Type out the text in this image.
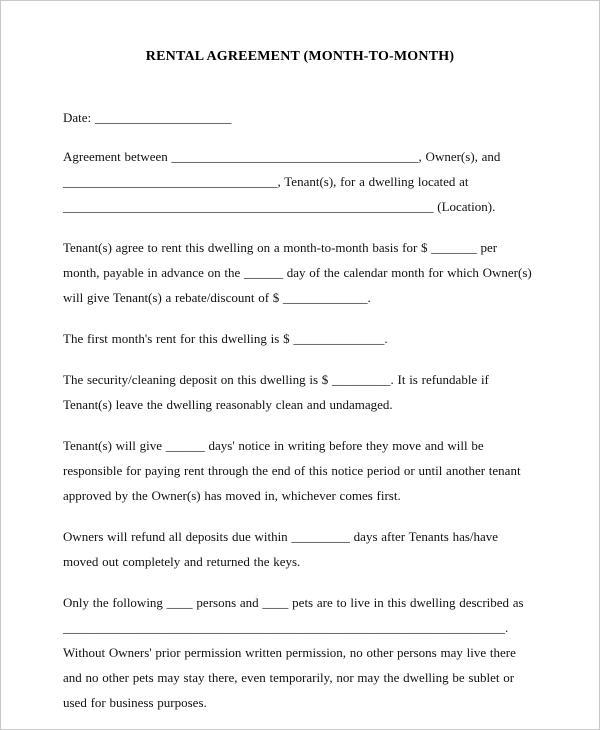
RENTAL AGREEMENT (MONTH-TO-MONTH)

Date: _____________________

Agreement between ______________________________________, Owner(s), and _________________________________, Tenant(s), for a dwelling located at _________________________________________________________ (Location).

Tenant(s) agree to rent this dwelling on a month-to-month basis for $ _______ per month, payable in advance on the ______ day of the calendar month for which Owner(s) will give Tenant(s) a rebate/discount of $ _____________.

The first month's rent for this dwelling is $ ______________.

The security/cleaning deposit on this dwelling is $ _________. It is refundable if Tenant(s) leave the dwelling reasonably clean and undamaged.

Tenant(s) will give ______ days' notice in writing before they move and will be responsible for paying rent through the end of this notice period or until another tenant approved by the Owner(s) has moved in, whichever comes first.

Owners will refund all deposits due within _________ days after Tenants has/have moved out completely and returned the keys.

Only the following ____ persons and ____ pets are to live in this dwelling described as ____________________________________________________________________.

Without Owners' prior permission written permission, no other persons may live there and no other pets may stay there, even temporarily, nor may the dwelling be sublet or used for business purposes.
